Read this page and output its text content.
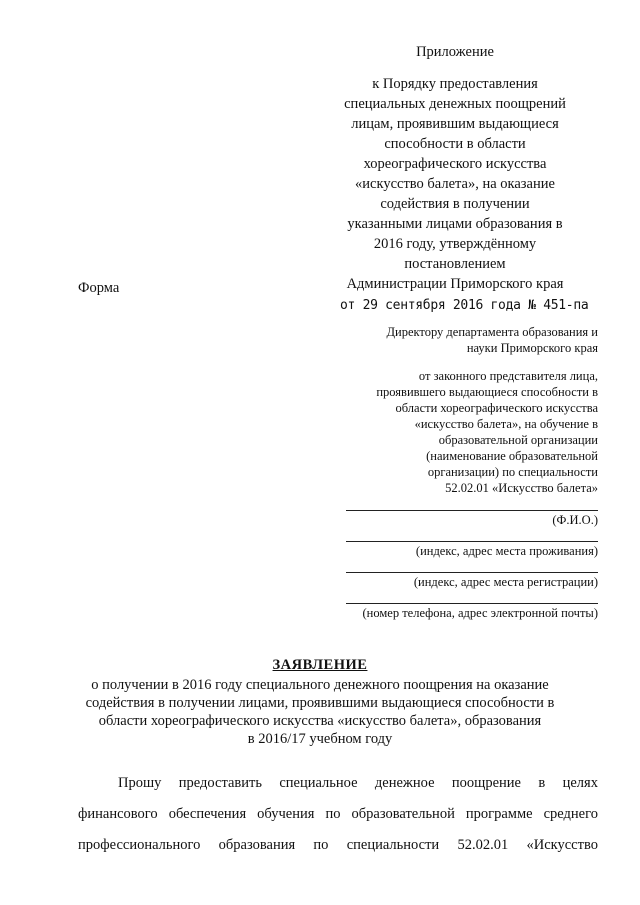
Приложение
к Порядку предоставления
специальных денежных поощрений
лицам, проявившим выдающиеся
способности в области
хореографического искусства
«искусство балета», на оказание
содействия в получении
указанными лицами образования в
2016 году, утверждённому
постановлением
Администрации Приморского края
от 29 сентября 2016 года № 451-па
Форма
Директору департамента образования и
науки Приморского края
от законного представителя лица,
проявившего выдающиеся способности в
области хореографического искусства
«искусство балета», на обучение в
образовательной организации
(наименование образовательной
организации) по специальности
52.02.01 «Искусство балета»
(Ф.И.О.)
(индекс, адрес места проживания)
(индекс, адрес места регистрации)
(номер телефона, адрес электронной почты)
ЗАЯВЛЕНИЕ
о получении в 2016 году специального денежного поощрения на оказание
содействия в получении лицами, проявившими выдающиеся способности в
области хореографического искусства «искусство балета», образования
в 2016/17 учебном году
Прошу предоставить специальное денежное поощрение в целях
финансового обеспечения обучения по образовательной программе среднего
профессионального образования по специальности 52.02.01 «Искусство
